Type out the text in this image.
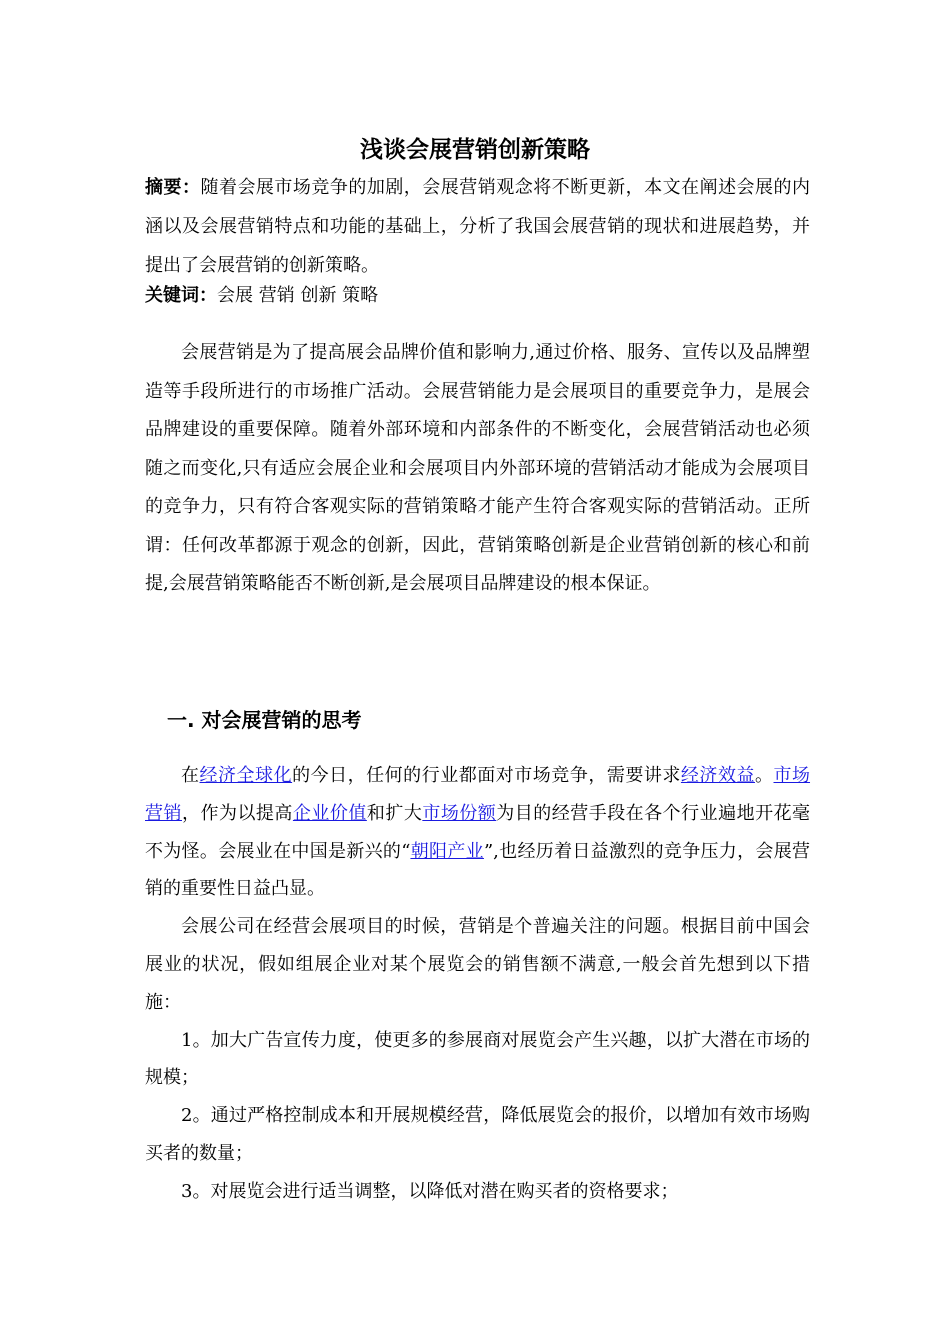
浅谈会展营销创新策略

摘要：随着会展市场竞争的加剧，会展营销观念将不断更新，本文在阐述会展的内涵以及会展营销特点和功能的基础上，分析了我国会展营销的现状和进展趋势，并提出了会展营销的创新策略。

关键词：会展 营销 创新 策略

会展营销是为了提高展会品牌价值和影响力,通过价格、服务、宣传以及品牌塑造等手段所进行的市场推广活动。会展营销能力是会展项目的重要竞争力，是展会品牌建设的重要保障。随着外部环境和内部条件的不断变化，会展营销活动也必须随之而变化,只有适应会展企业和会展项目内外部环境的营销活动才能成为会展项目的竞争力，只有符合客观实际的营销策略才能产生符合客观实际的营销活动。正所谓：任何改革都源于观念的创新，因此，营销策略创新是企业营销创新的核心和前提,会展营销策略能否不断创新,是会展项目品牌建设的根本保证。

一. 对会展营销的思考

在经济全球化的今日，任何的行业都面对市场竞争，需要讲求经济效益。市场营销，作为以提高企业价值和扩大市场份额为目的经营手段在各个行业遍地开花毫不为怪。会展业在中国是新兴的“朝阳产业”,也经历着日益激烈的竞争压力，会展营销的重要性日益凸显。

会展公司在经营会展项目的时候，营销是个普遍关注的问题。根据目前中国会展业的状况，假如组展企业对某个展览会的销售额不满意,一般会首先想到以下措施：

1。加大广告宣传力度，使更多的参展商对展览会产生兴趣，以扩大潜在市场的规模；

2。通过严格控制成本和开展规模经营，降低展览会的报价，以增加有效市场购买者的数量；

3。对展览会进行适当调整，以降低对潜在购买者的资格要求；
